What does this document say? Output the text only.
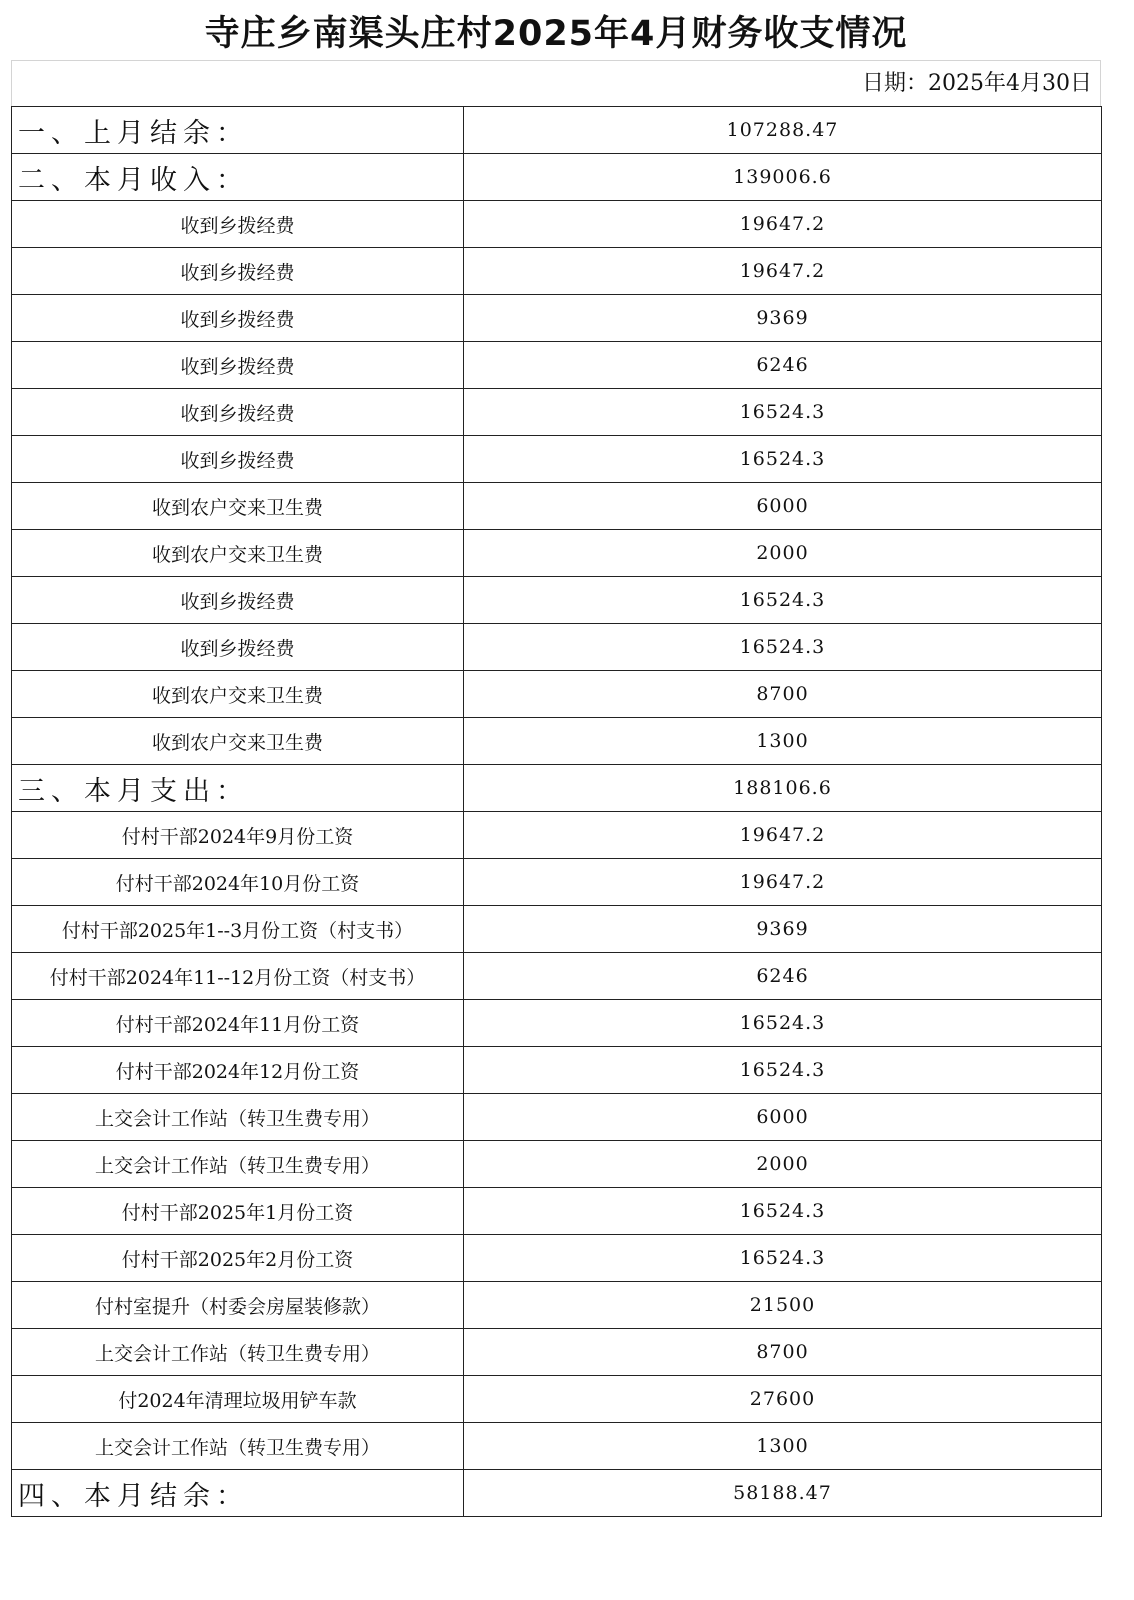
寺庄乡南渠头庄村2025年4月财务收支情况
日期：2025年4月30日
一、上月结余：	107288.47
二、本月收入：	139006.6
收到乡拨经费	19647.2
收到乡拨经费	19647.2
收到乡拨经费	9369
收到乡拨经费	6246
收到乡拨经费	16524.3
收到乡拨经费	16524.3
收到农户交来卫生费	6000
收到农户交来卫生费	2000
收到乡拨经费	16524.3
收到乡拨经费	16524.3
收到农户交来卫生费	8700
收到农户交来卫生费	1300
三、本月支出：	188106.6
付村干部2024年9月份工资	19647.2
付村干部2024年10月份工资	19647.2
付村干部2025年1--3月份工资（村支书）	9369
付村干部2024年11--12月份工资（村支书）	6246
付村干部2024年11月份工资	16524.3
付村干部2024年12月份工资	16524.3
上交会计工作站（转卫生费专用）	6000
上交会计工作站（转卫生费专用）	2000
付村干部2025年1月份工资	16524.3
付村干部2025年2月份工资	16524.3
付村室提升（村委会房屋装修款）	21500
上交会计工作站（转卫生费专用）	8700
付2024年清理垃圾用铲车款	27600
上交会计工作站（转卫生费专用）	1300
四、本月结余：	58188.47
